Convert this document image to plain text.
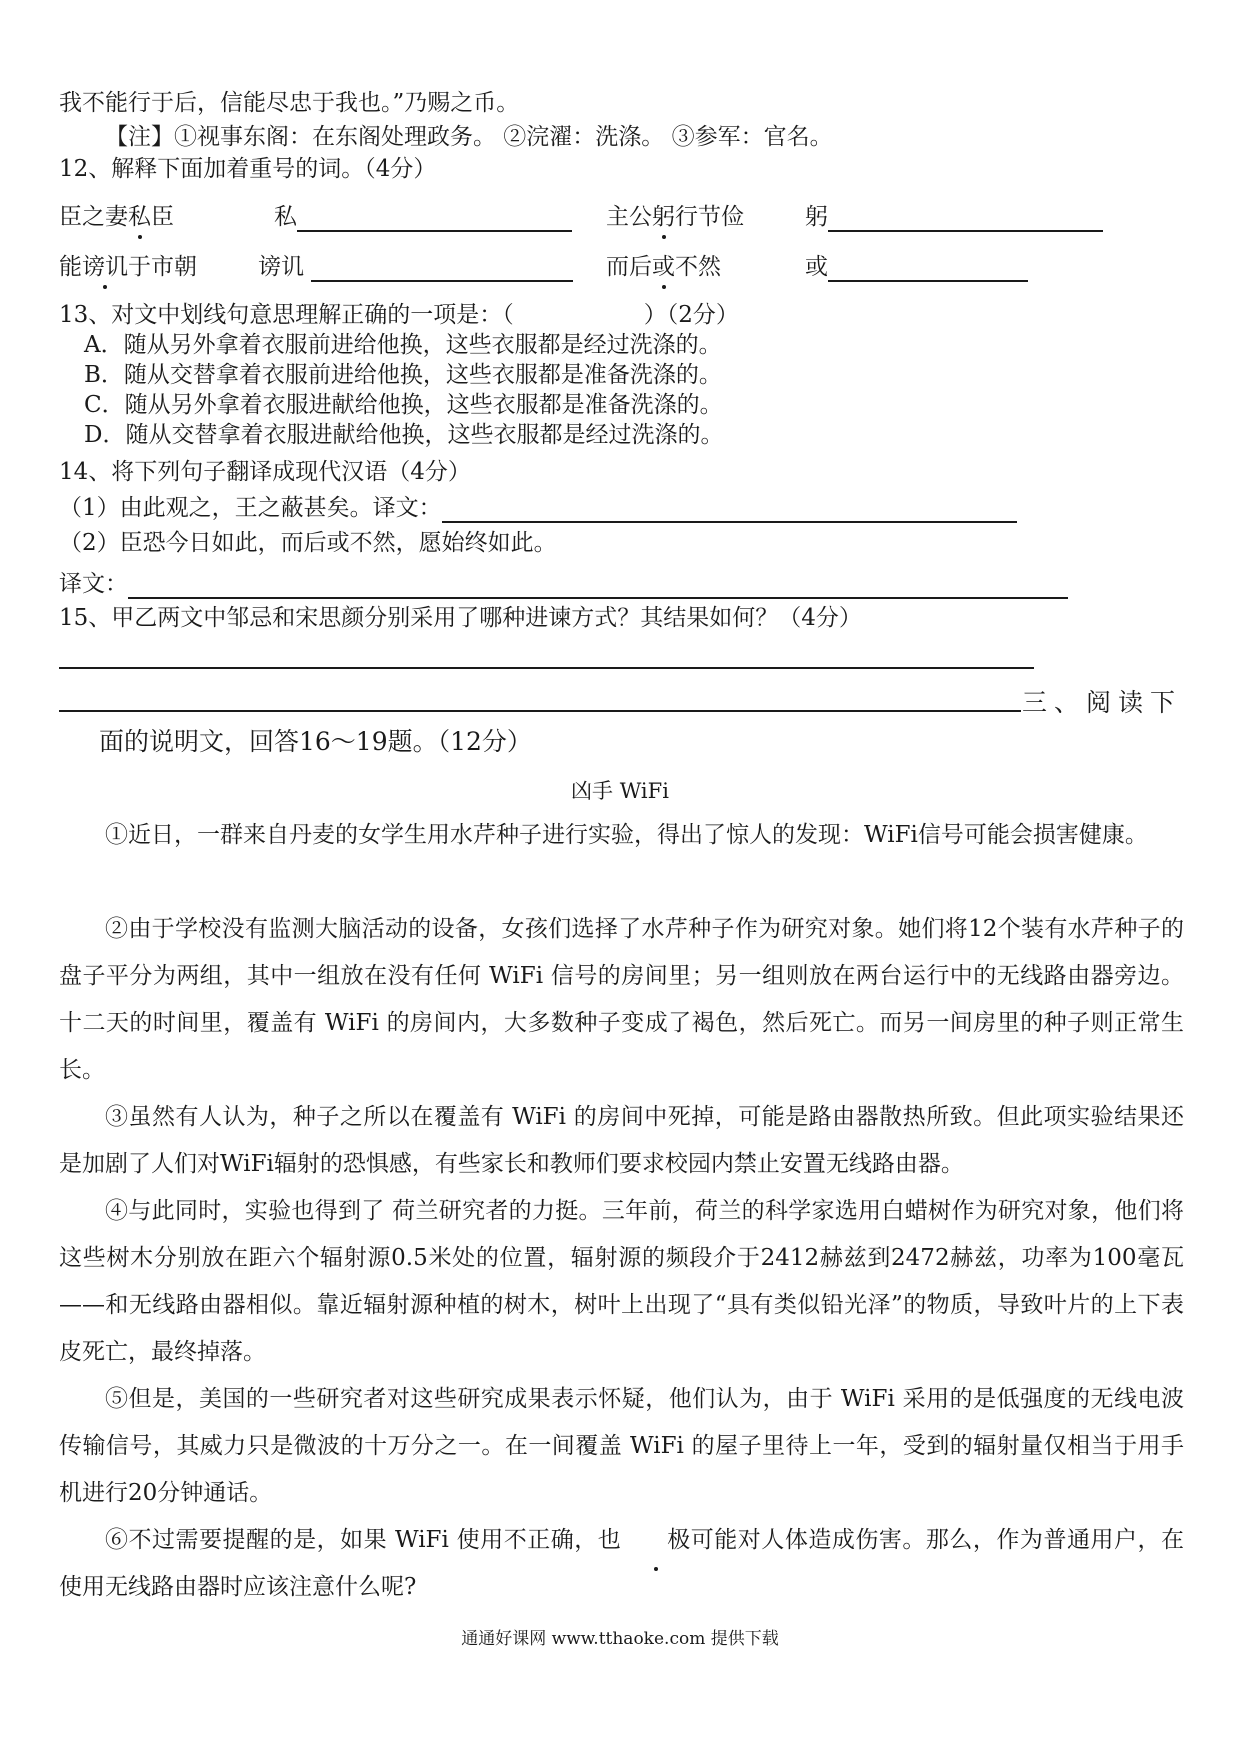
我不能行于后，信能尽忠于我也。”乃赐之币。
【注】①视事东阁：在东阁处理政务。 ②浣濯：洗涤。 ③参军：官名。
12、解释下面加着重号的词。（4分）
臣之妻私臣	私	主公躬行节俭	躬
能谤讥于市朝	谤讥	而后或不然	或
13、对文中划线句意思理解正确的一项是：（	）（2分）
A．随从另外拿着衣服前进给他换，这些衣服都是经过洗涤的。
B．随从交替拿着衣服前进给他换，这些衣服都是准备洗涤的。
C．随从另外拿着衣服进献给他换，这些衣服都是准备洗涤的。
D．随从交替拿着衣服进献给他换，这些衣服都是经过洗涤的。
14、将下列句子翻译成现代汉语（4分）
（1）由此观之，王之蔽甚矣。译文：
（2）臣恐今日如此，而后或不然，愿始终如此。
译文：
15、甲乙两文中邹忌和宋思颜分别采用了哪种进谏方式？其结果如何？（4分）
三、阅读下
面的说明文，回答16～19题。（12分）
凶手 WiFi
①近日，一群来自丹麦的女学生用水芹种子进行实验，得出了惊人的发现：WiFi信号可能会损害健康。
②由于学校没有监测大脑活动的设备，女孩们选择了水芹种子作为研究对象。她们将12个装有水芹种子的盘子平分为两组，其中一组放在没有任何 WiFi 信号的房间里；另一组则放在两台运行中的无线路由器旁边。十二天的时间里，覆盖有 WiFi 的房间内，大多数种子变成了褐色，然后死亡。而另一间房里的种子则正常生长。
③虽然有人认为，种子之所以在覆盖有 WiFi 的房间中死掉，可能是路由器散热所致。但此项实验结果还是加剧了人们对WiFi辐射的恐惧感，有些家长和教师们要求校园内禁止安置无线路由器。
④与此同时，实验也得到了 荷兰研究者的力挺。三年前，荷兰的科学家选用白蜡树作为研究对象，他们将这些树木分别放在距六个辐射源0.5米处的位置，辐射源的频段介于2412赫兹到2472赫兹，功率为100毫瓦——和无线路由器相似。靠近辐射源种植的树木，树叶上出现了“具有类似铅光泽”的物质，导致叶片的上下表皮死亡，最终掉落。
⑤但是，美国的一些研究者对这些研究成果表示怀疑，他们认为，由于 WiFi 采用的是低强度的无线电波传输信号，其威力只是微波的十万分之一。在一间覆盖 WiFi 的屋子里待上一年，受到的辐射量仅相当于用手机进行20分钟通话。
⑥不过需要提醒的是，如果 WiFi 使用不正确，也 极可能对人体造成伤害。那么，作为普通用户，在使用无线路由器时应该注意什么呢?
通通好课网 www.tthaoke.com 提供下载
